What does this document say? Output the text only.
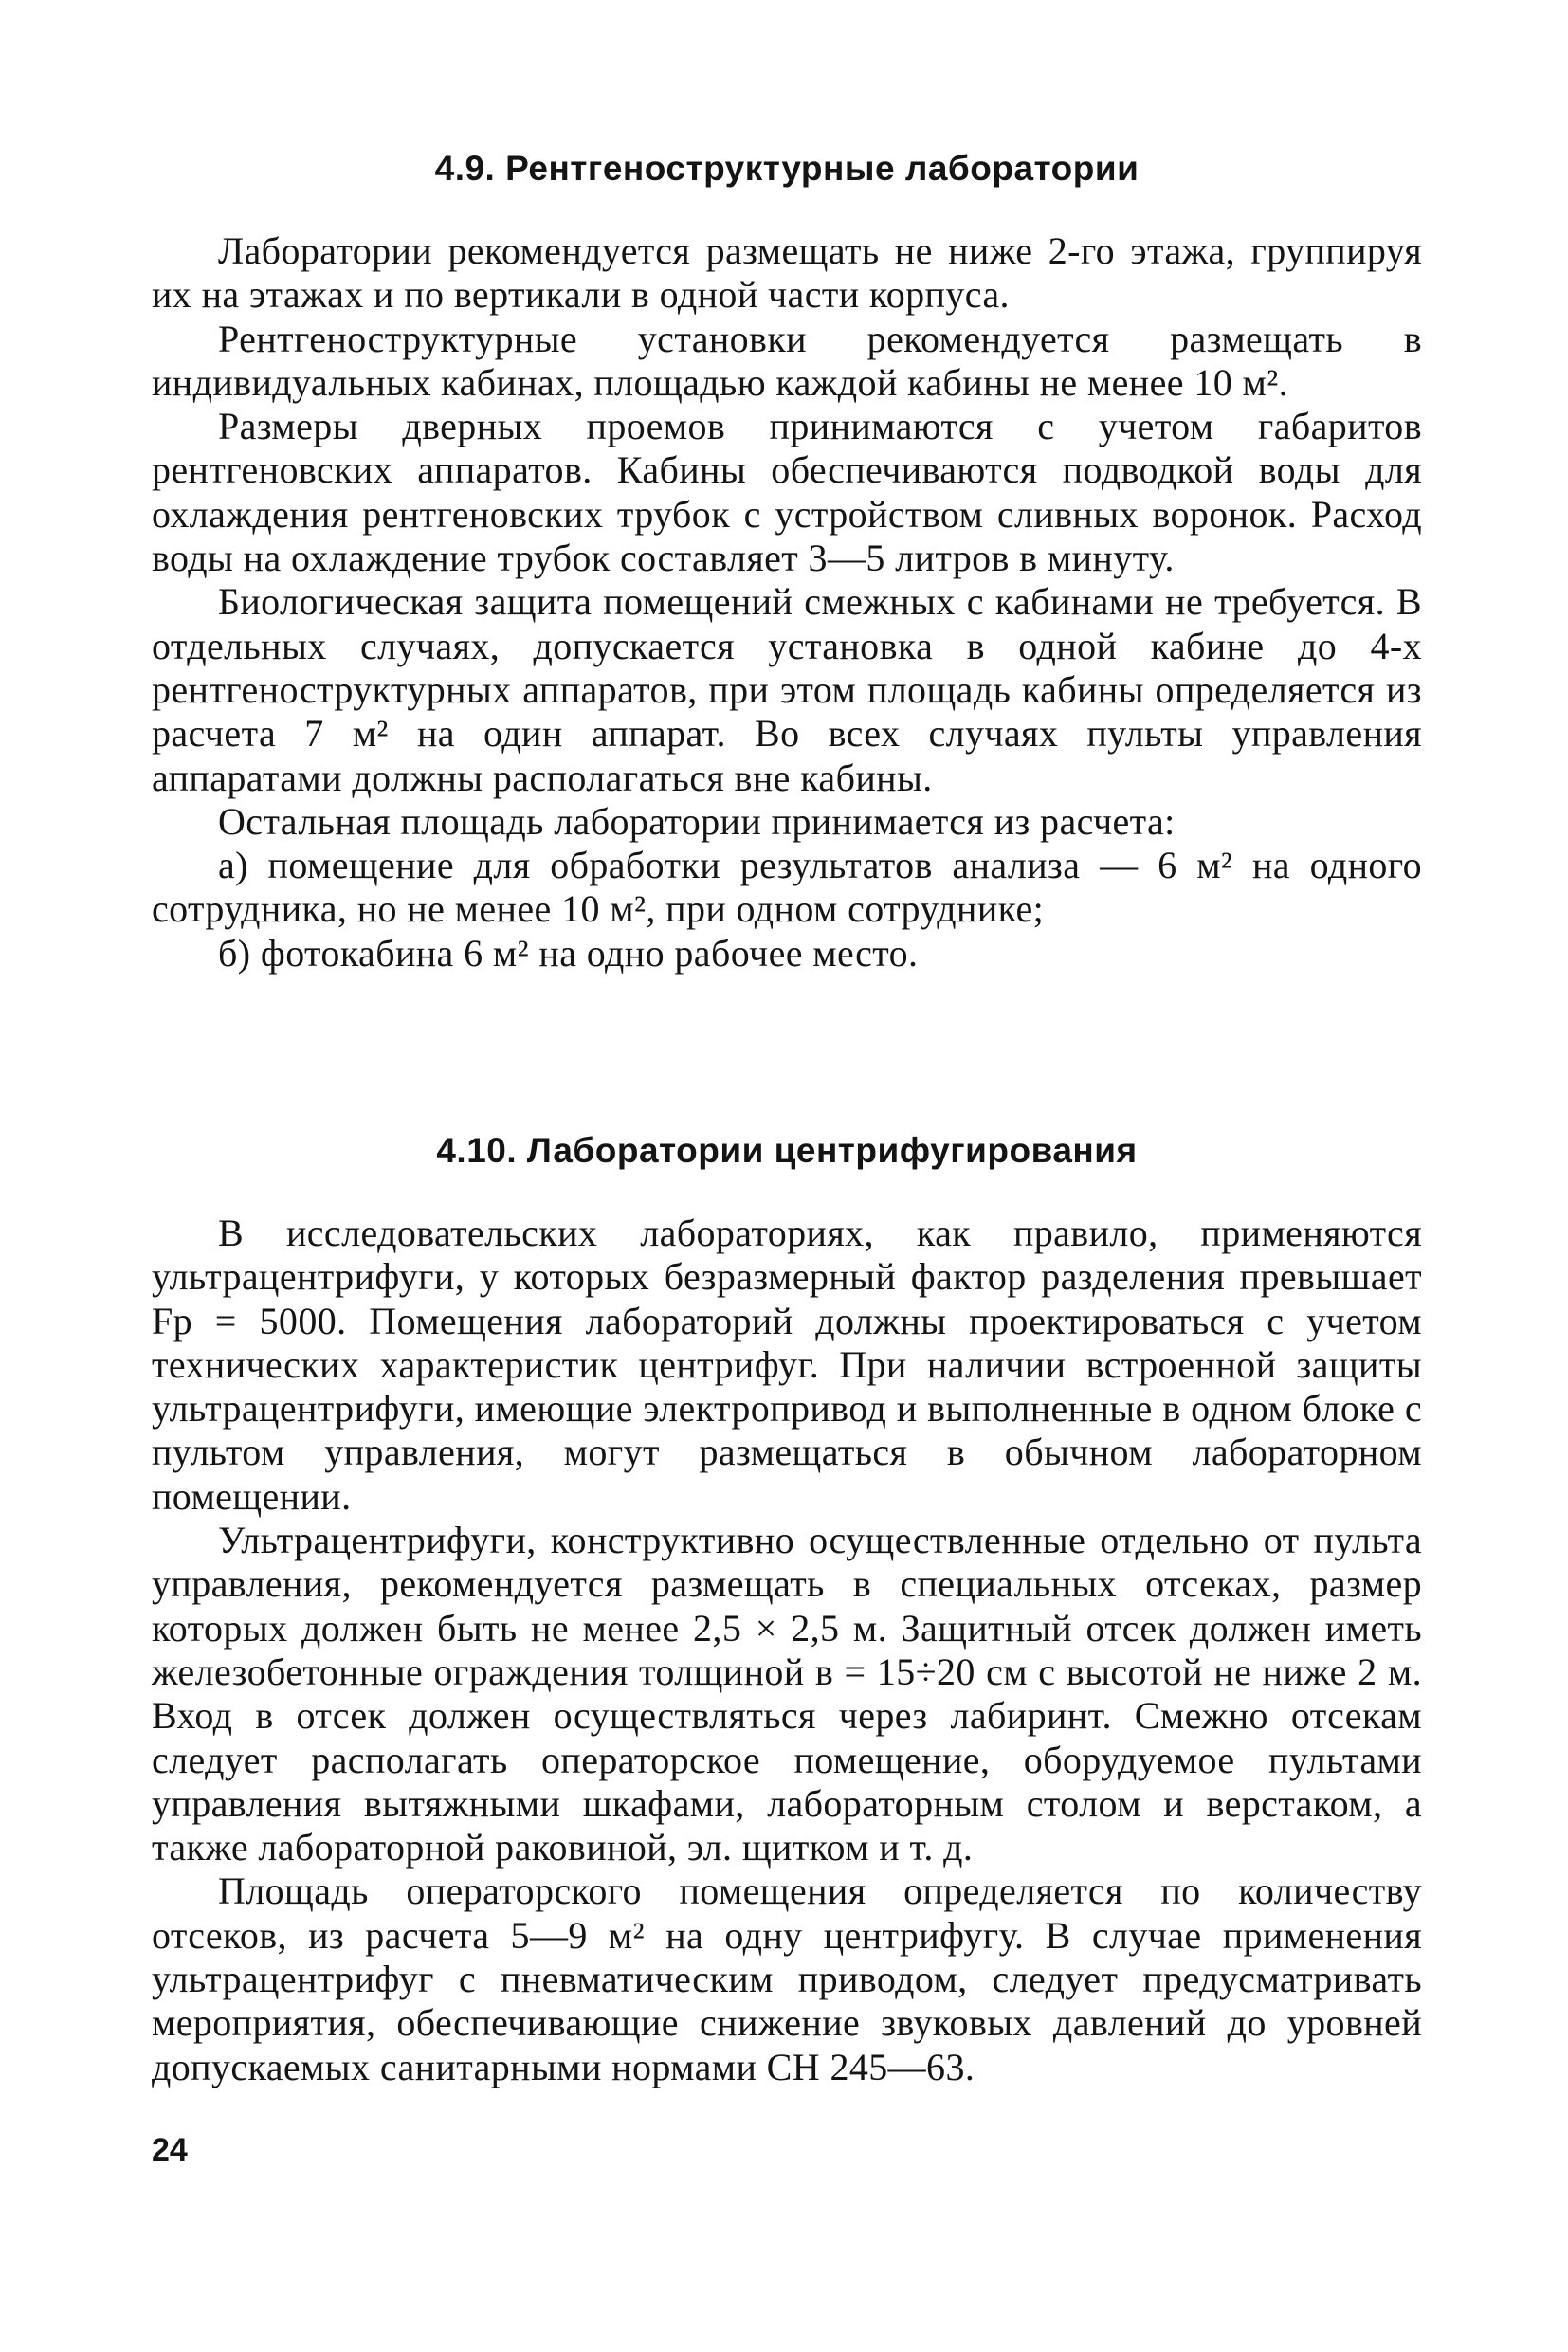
4.9. Рентгеноструктурные лаборатории

Лаборатории рекомендуется размещать не ниже 2-го этажа, группируя их на этажах и по вертикали в одной части корпуса.

Рентгеноструктурные установки рекомендуется размещать в индивидуальных кабинах, площадью каждой кабины не менее 10 м².

Размеры дверных проемов принимаются с учетом габаритов рентгеновских аппаратов. Кабины обеспечиваются подводкой воды для охлаждения рентгеновских трубок с устройством сливных воронок. Расход воды на охлаждение трубок составляет 3—5 литров в минуту.

Биологическая защита помещений смежных с кабинами не требуется. В отдельных случаях, допускается установка в одной кабине до 4-х рентгеноструктурных аппаратов, при этом площадь кабины определяется из расчета 7 м² на один аппарат. Во всех случаях пульты управления аппаратами должны располагаться вне кабины.

Остальная площадь лаборатории принимается из расчета:

а) помещение для обработки результатов анализа — 6 м² на одного сотрудника, но не менее 10 м², при одном сотруднике;

б) фотокабина 6 м² на одно рабочее место.

4.10. Лаборатории центрифугирования

В исследовательских лабораториях, как правило, применяются ультрацентрифуги, у которых безразмерный фактор разделения превышает Fp = 5000. Помещения лабораторий должны проектироваться с учетом технических характеристик центрифуг. При наличии встроенной защиты ультрацентрифуги, имеющие электропривод и выполненные в одном блоке с пультом управления, могут размещаться в обычном лабораторном помещении.

Ультрацентрифуги, конструктивно осуществленные отдельно от пульта управления, рекомендуется размещать в специальных отсеках, размер которых должен быть не менее 2,5 × 2,5 м. Защитный отсек должен иметь железобетонные ограждения толщиной в = 15÷20 см с высотой не ниже 2 м. Вход в отсек должен осуществляться через лабиринт. Смежно отсекам следует располагать операторское помещение, оборудуемое пультами управления вытяжными шкафами, лабораторным столом и верстаком, а также лабораторной раковиной, эл. щитком и т. д.

Площадь операторского помещения определяется по количеству отсеков, из расчета 5—9 м² на одну центрифугу. В случае применения ультрацентрифуг с пневматическим приводом, следует предусматривать мероприятия, обеспечивающие снижение звуковых давлений до уровней допускаемых санитарными нормами СН 245—63.

24
